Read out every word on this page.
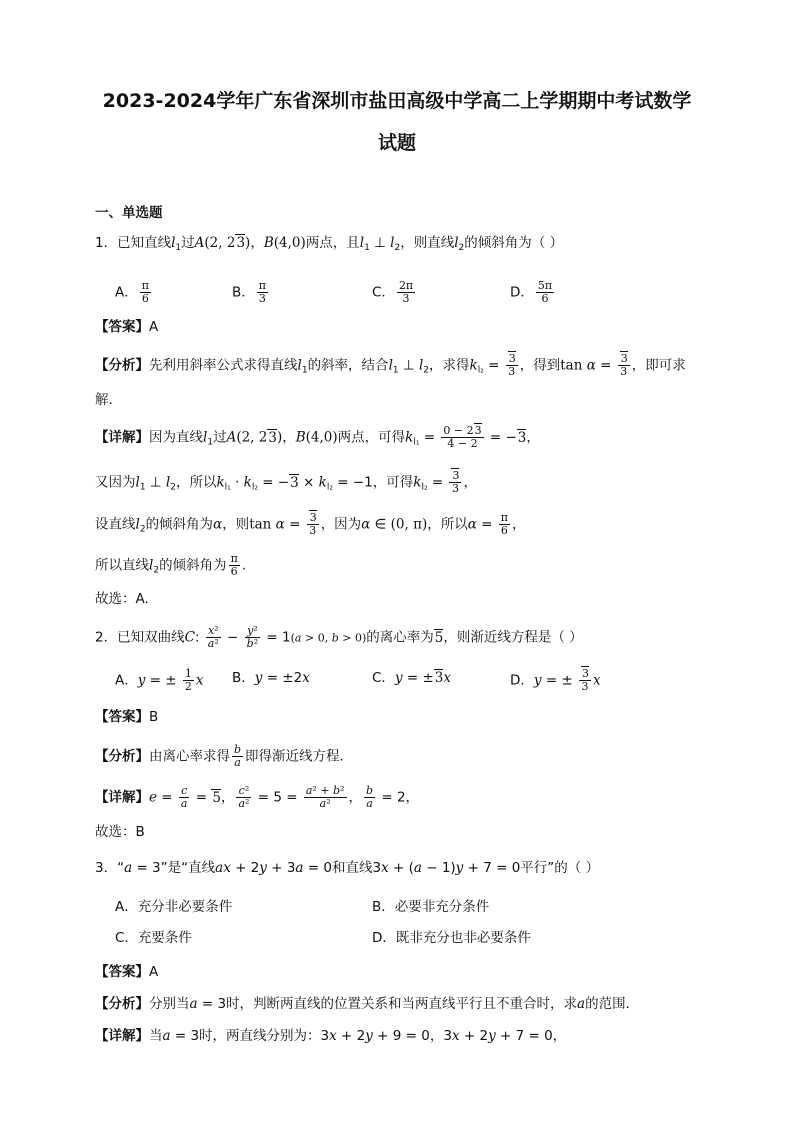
2023-2024学年广东省深圳市盐田高级中学高二上学期期中考试数学
试题
一、单选题
1．已知直线$l_1$过A(2, 23)，B(4,0)两点，且$l_1$ ⊥ $l_2$，则直线$l_2$的倾斜角为（ ）
A． $\frac{\pi}{6}$	B． $\frac{\pi}{3}$	C． $\frac{2\pi}{3}$	D． $\frac{5\pi}{6}$
【答案】A
【分析】先利用斜率公式求得直线$l_1$的斜率，结合$l_1$ ⊥ $l_2$，求得$k_{l_2} = \frac{3}{3}$ ，得到$\tan \alpha = \frac{3}{3}$ ，即可求
解.
【详解】因为直线$l_1$过A(2, 23)，B(4,0)两点，可得$k_{l_1} = \frac{0 - 23}{4 - 2} = -3$，
又因为$l_1$ ⊥ $l_2$，所以$k_{l_1} \cdot k_{l_2} = -3 \times k_{l_2} = -1$，可得$k_{l_2} = \frac{3}{3}$ ，
设直线$l_2$的倾斜角为α，则$\tan \alpha = \frac{3}{3}$ ，因为α ∈ (0, π)，所以$\alpha = \frac{\pi}{6}$ ，
所以直线$l_2$的倾斜角为 $\frac{\pi}{6}$ .
故选：A.
2．已知双曲线C: $\frac{\text{x²}}{\text{a²}} - \frac{\text{y²}}{\text{b²}} = 1(a > 0$, b > 0)的离心率为5，则渐近线方程是（ ）
A．y = ± $\frac{1}{2}$ x B．y = ±2x	C．y = ±3x	D．y = ± $\frac{3}{3}$ x
【答案】B
【分析】由离心率求得 $\frac{b}{a}$ 即得渐近线方程．
【详解】$e = \frac{c}{a} = 5$， $\frac{\text{c²}}{\text{a²}} = 5 = \frac{\text{a² + b²}}{\text{a²}}$ ， $\frac{b}{a} = 2$，
故选：B
3．“a = 3”是“直线ax + 2y + 3a = 0和直线3x + (a − 1)y + 7 = 0平行”的（ ）
A．充分非必要条件	B．必要非充分条件
C．充要条件	D．既非充分也非必要条件
【答案】A
【分析】分别当a = 3时，判断两直线的位置关系和当两直线平行且不重合时，求a的范围．
【详解】当a = 3时，两直线分别为：3x + 2y + 9 = 0，3x + 2y + 7 = 0，
